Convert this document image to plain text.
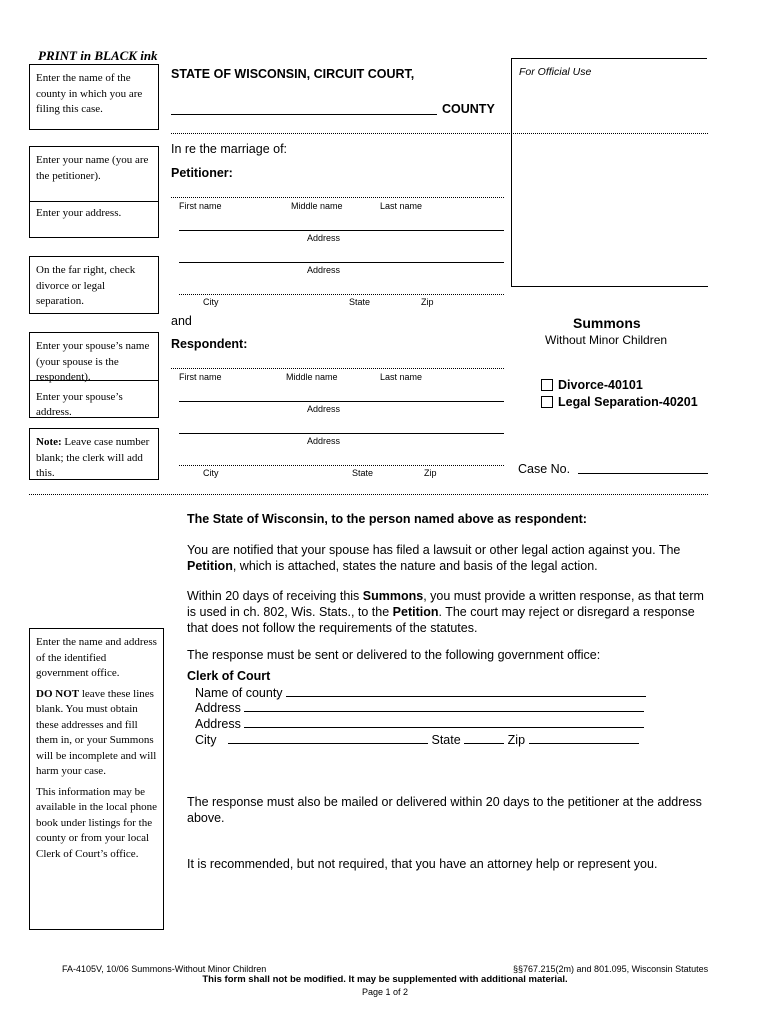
PRINT in BLACK ink

Enter the name of the county in which you are filing this case.

Enter your name (you are the petitioner).

Enter your address.

On the far right, check divorce or legal separation.

Enter your spouse’s name (your spouse is the respondent).

Enter your spouse’s address.

Note: Leave case number blank; the clerk will add this.

Enter the name and address of the identified government office.

DO NOT leave these lines blank. You must obtain these addresses and fill them in, or your Summons will be incomplete and will harm your case.

This information may be available in the local phone book under listings for the county or from your local Clerk of Court’s office.

STATE OF WISCONSIN, CIRCUIT COURT,
COUNTY
For Official Use
In re the marriage of:
Petitioner:
First name	Middle name	Last name
Address
Address
City	State	Zip
and	Summons
Without Minor Children
Divorce-40101
Legal Separation-40201
Case No.
Respondent:
First name	Middle name	Last name
Address
Address
City	State	Zip
The State of Wisconsin, to the person named above as respondent:
You are notified that your spouse has filed a lawsuit or other legal action against you. The Petition, which is attached, states the nature and basis of the legal action.
Within 20 days of receiving this Summons, you must provide a written response, as that term is used in ch. 802, Wis. Stats., to the Petition. The court may reject or disregard a response that does not follow the requirements of the statutes.
The response must be sent or delivered to the following government office:
Clerk of Court
Name of county
Address
Address
City	State	Zip
The response must also be mailed or delivered within 20 days to the petitioner at the address above.
It is recommended, but not required, that you have an attorney help or represent you.
FA-4105V, 10/06 Summons-Without Minor Children	§§767.215(2m) and 801.095, Wisconsin Statutes
This form shall not be modified. It may be supplemented with additional material.
Page 1 of 2
